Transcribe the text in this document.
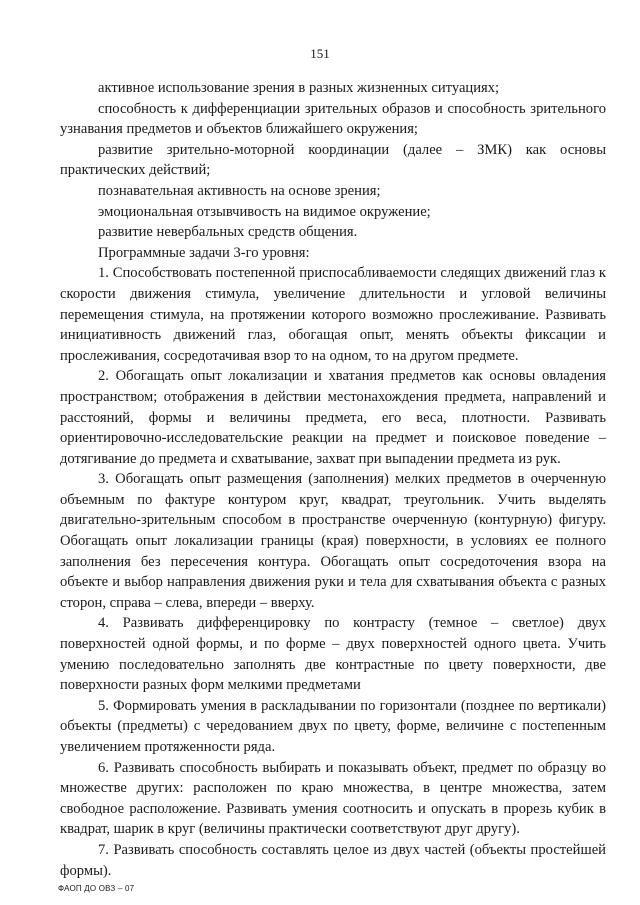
151

активное использование зрения в разных жизненных ситуациях;

способность к дифференциации зрительных образов и способность зрительного узнавания предметов и объектов ближайшего окружения;

развитие зрительно-моторной координации (далее – ЗМК) как основы практических действий;

познавательная активность на основе зрения;

эмоциональная отзывчивость на видимое окружение;

развитие невербальных средств общения.

Программные задачи 3-го уровня:

1. Способствовать постепенной приспосабливаемости следящих движений глаз к скорости движения стимула, увеличение длительности и угловой величины перемещения стимула, на протяжении которого возможно прослеживание. Развивать инициативность движений глаз, обогащая опыт, менять объекты фиксации и прослеживания, сосредотачивая взор то на одном, то на другом предмете.

2. Обогащать опыт локализации и хватания предметов как основы овладения пространством; отображения в действии местонахождения предмета, направлений и расстояний, формы и величины предмета, его веса, плотности. Развивать ориентировочно-исследовательские реакции на предмет и поисковое поведение – дотягивание до предмета и схватывание, захват при выпадении предмета из рук.

3. Обогащать опыт размещения (заполнения) мелких предметов в очерченную объемным по фактуре контуром круг, квадрат, треугольник. Учить выделять двигательно-зрительным способом в пространстве очерченную (контурную) фигуру. Обогащать опыт локализации границы (края) поверхности, в условиях ее полного заполнения без пересечения контура. Обогащать опыт сосредоточения взора на объекте и выбор направления движения руки и тела для схватывания объекта с разных сторон, справа – слева, впереди – вверху.

4. Развивать дифференцировку по контрасту (темное – светлое) двух поверхностей одной формы, и по форме – двух поверхностей одного цвета. Учить умению последовательно заполнять две контрастные по цвету поверхности, две поверхности разных форм мелкими предметами

5. Формировать умения в раскладывании по горизонтали (позднее по вертикали) объекты (предметы) с чередованием двух по цвету, форме, величине с постепенным увеличением протяженности ряда.

6. Развивать способность выбирать и показывать объект, предмет по образцу во множестве других: расположен по краю множества, в центре множества, затем свободное расположение. Развивать умения соотносить и опускать в прорезь кубик в квадрат, шарик в круг (величины практически соответствуют друг другу).

7. Развивать способность составлять целое из двух частей (объекты простейшей формы).

ФАОП ДО ОВЗ – 07
